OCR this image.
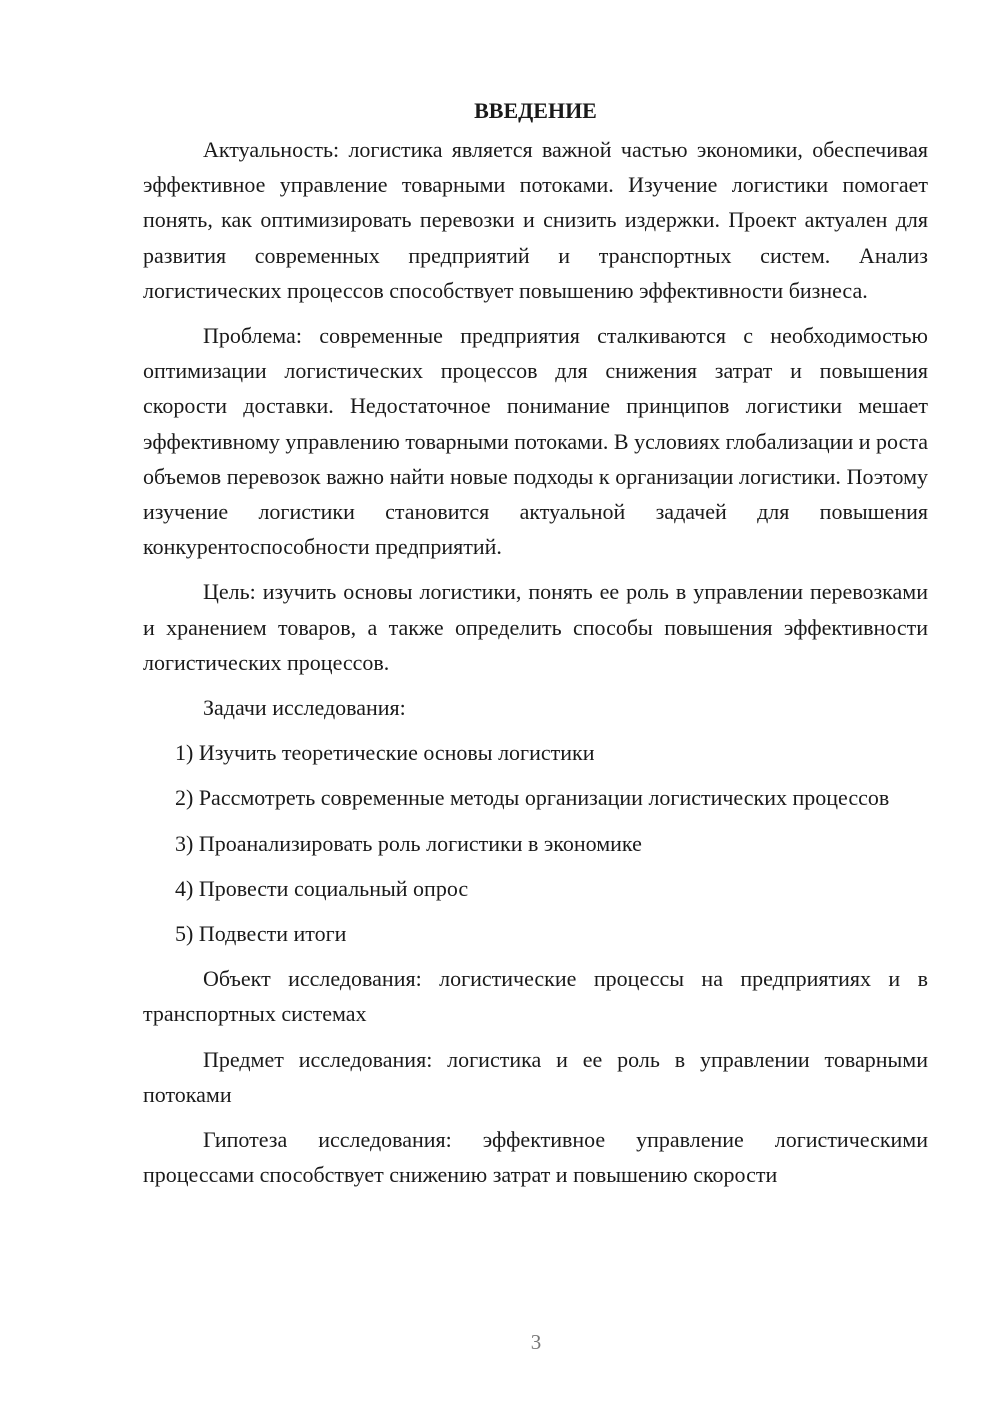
ВВЕДЕНИЕ

Актуальность: логистика является важной частью экономики, обеспечивая эффективное управление товарными потоками. Изучение логистики помогает понять, как оптимизировать перевозки и снизить издержки. Проект актуален для развития современных предприятий и транспортных систем. Анализ логистических процессов способствует повышению эффективности бизнеса.

Проблема: современные предприятия сталкиваются с необходимостью оптимизации логистических процессов для снижения затрат и повышения скорости доставки. Недостаточное понимание принципов логистики мешает эффективному управлению товарными потоками. В условиях глобализации и роста объемов перевозок важно найти новые подходы к организации логистики. Поэтому изучение логистики становится актуальной задачей для повышения конкурентоспособности предприятий.

Цель: изучить основы логистики, понять ее роль в управлении перевозками и хранением товаров, а также определить способы повышения эффективности логистических процессов.

Задачи исследования:

1) Изучить теоретические основы логистики

2) Рассмотреть современные методы организации логистических процессов

3) Проанализировать роль логистики в экономике

4) Провести социальный опрос

5) Подвести итоги

Объект исследования: логистические процессы на предприятиях и в транспортных системах

Предмет исследования: логистика и ее роль в управлении товарными потоками

Гипотеза исследования: эффективное управление логистическими процессами способствует снижению затрат и повышению скорости

3
